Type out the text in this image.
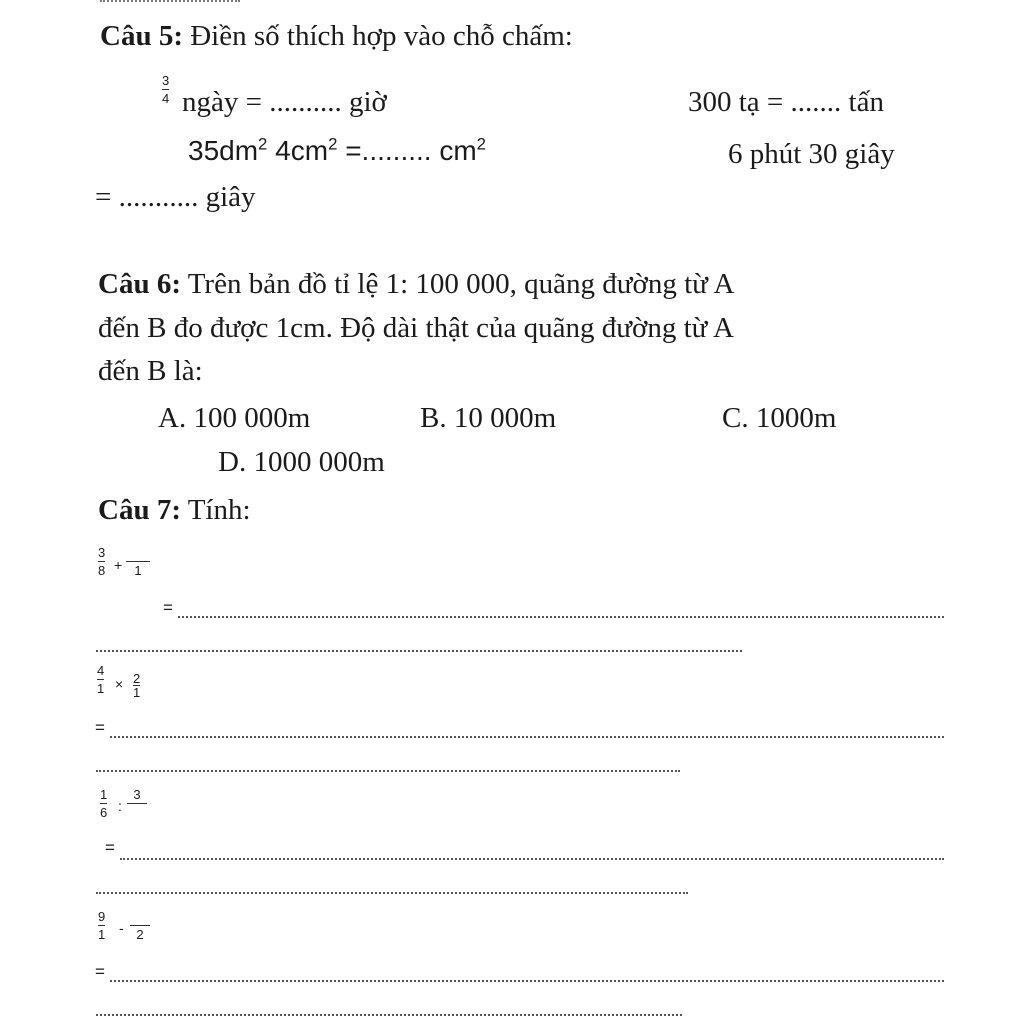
Câu 5: Điền số thích hợp vào chỗ chấm:
3
4 ngày = .......... giờ	300 tạ = ....... tấn
$35dm^2$ $4cm^2$ =......... $cm^2$	6 phút 30 giây
= ........... giây
Câu 6: Trên bản đồ tỉ lệ 1: 100 000, quãng đường từ A
đến B đo được 1cm. Độ dài thật của quãng đường từ A
đến B là:
A. 100 000m	B. 10 000m	C. 1000m
D. 1000 000m
Câu 7: Tính:
3
8 +
1
=
4
1 × 2
1
=
1
6 :
3

=
9
1 -
2
=
